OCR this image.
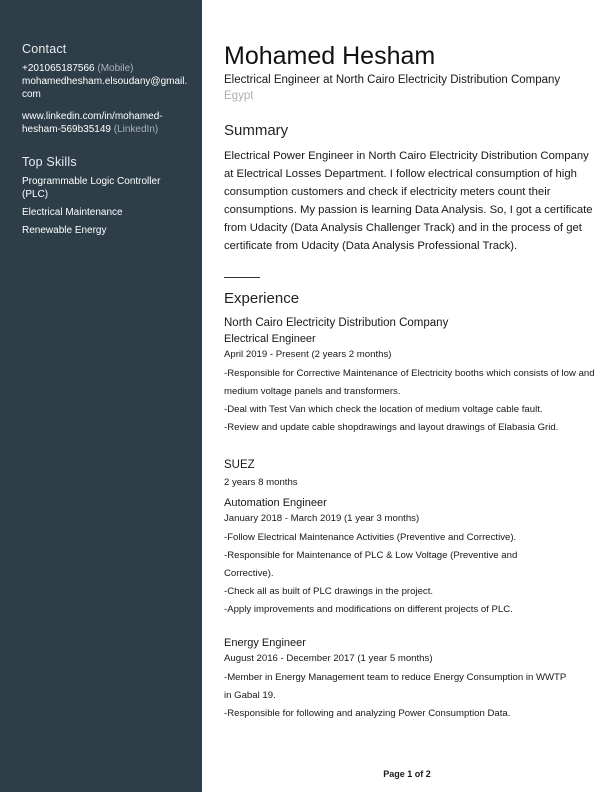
Contact
+201065187566 (Mobile)
mohamedhesham.elsoudany@gmail.com
www.linkedin.com/in/mohamed-hesham-569b35149 (LinkedIn)
Top Skills
Programmable Logic Controller (PLC)
Electrical Maintenance
Renewable Energy
Mohamed Hesham
Electrical Engineer at North Cairo Electricity Distribution Company
Egypt
Summary
Electrical Power Engineer in North Cairo Electricity Distribution Company at Electrical Losses Department. I follow electrical consumption of high consumption customers and check if electricity meters count their consumptions. My passion is learning Data Analysis. So, I got a certificate from Udacity (Data Analysis Challenger Track) and in the process of get certificate from Udacity (Data Analysis Professional Track).
Experience
North Cairo Electricity Distribution Company
Electrical Engineer
April 2019 - Present (2 years 2 months)
-Responsible for Corrective Maintenance of Electricity booths which consists of low and medium voltage panels and transformers.
-Deal with Test Van which check the location of medium voltage cable fault.
-Review and update cable shopdrawings and layout drawings of Elabasia Grid.
SUEZ
2 years 8 months
Automation Engineer
January 2018 - March 2019 (1 year 3 months)
-Follow Electrical Maintenance Activities (Preventive and Corrective).
-Responsible for Maintenance of PLC & Low Voltage (Preventive and Corrective).
-Check all as built of PLC drawings in the project.
-Apply improvements and modifications on different projects of PLC.
Energy Engineer
August 2016 - December 2017 (1 year 5 months)
-Member in Energy Management team to reduce Energy Consumption in WWTP in Gabal 19.
-Responsible for following and analyzing Power Consumption Data.
Page 1 of 2
